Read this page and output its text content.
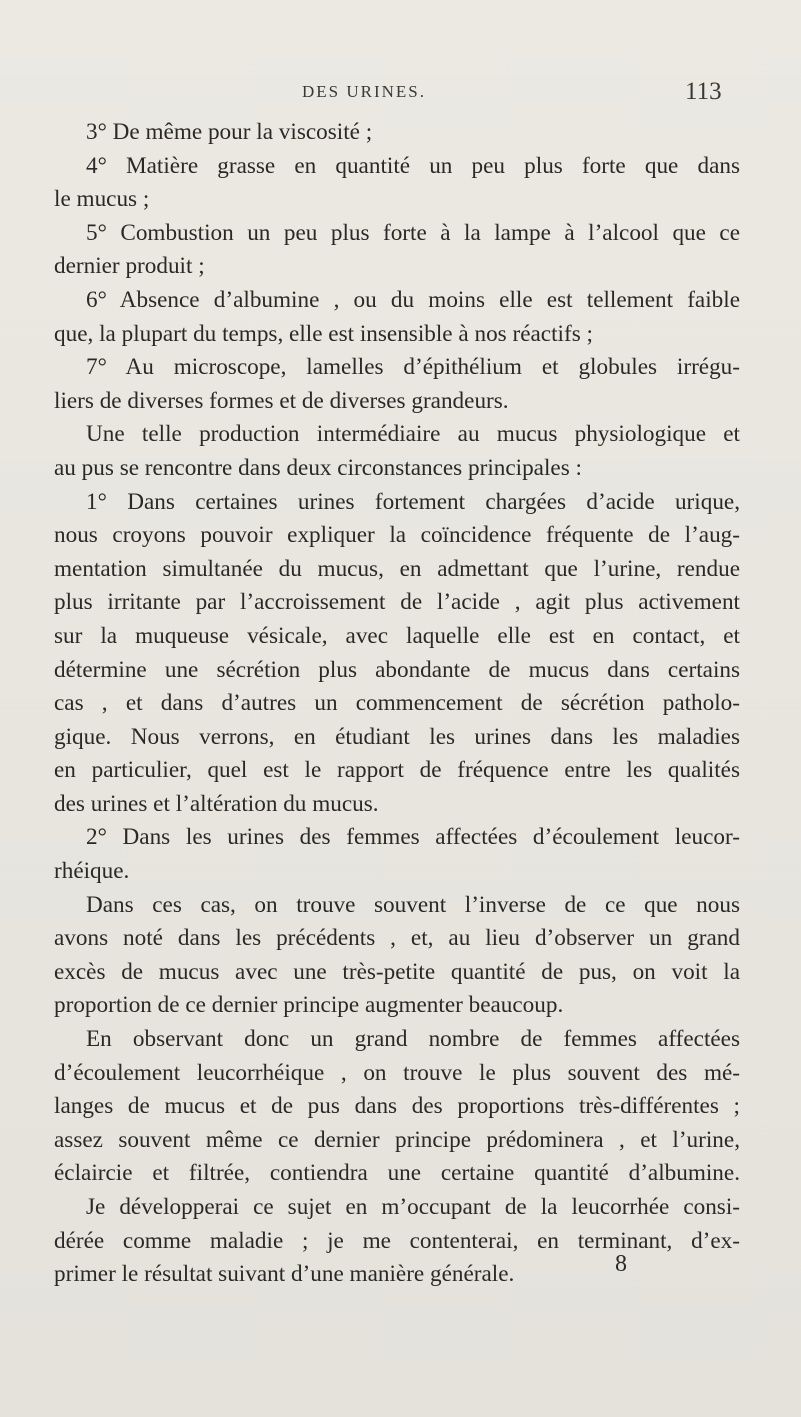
DES URINES.	113
3° De même pour la viscosité ;
4° Matière grasse en quantité un peu plus forte que dans
le mucus ;
5° Combustion un peu plus forte à la lampe à l’alcool que ce
dernier produit ;
6° Absence d’albumine , ou du moins elle est tellement faible
que, la plupart du temps, elle est insensible à nos réactifs ;
7° Au microscope, lamelles d’épithélium et globules irrégu-
liers de diverses formes et de diverses grandeurs.
Une telle production intermédiaire au mucus physiologique et
au pus se rencontre dans deux circonstances principales :
1° Dans certaines urines fortement chargées d’acide urique,
nous croyons pouvoir expliquer la coïncidence fréquente de l’aug-
mentation simultanée du mucus, en admettant que l’urine, rendue
plus irritante par l’accroissement de l’acide , agit plus activement
sur la muqueuse vésicale, avec laquelle elle est en contact, et
détermine une sécrétion plus abondante de mucus dans certains
cas , et dans d’autres un commencement de sécrétion patholo-
gique. Nous verrons, en étudiant les urines dans les maladies
en particulier, quel est le rapport de fréquence entre les qualités
des urines et l’altération du mucus.
2° Dans les urines des femmes affectées d’écoulement leucor-
rhéique.
Dans ces cas, on trouve souvent l’inverse de ce que nous
avons noté dans les précédents , et, au lieu d’observer un grand
excès de mucus avec une très-petite quantité de pus, on voit la
proportion de ce dernier principe augmenter beaucoup.
En observant donc un grand nombre de femmes affectées
d’écoulement leucorrhéique , on trouve le plus souvent des mé-
langes de mucus et de pus dans des proportions très-différentes ;
assez souvent même ce dernier principe prédominera , et l’urine,
éclaircie et filtrée, contiendra une certaine quantité d’albumine.
Je développerai ce sujet en m’occupant de la leucorrhée consi-
dérée comme maladie ; je me contenterai, en terminant, d’ex-
primer le résultat suivant d’une manière générale.	8
